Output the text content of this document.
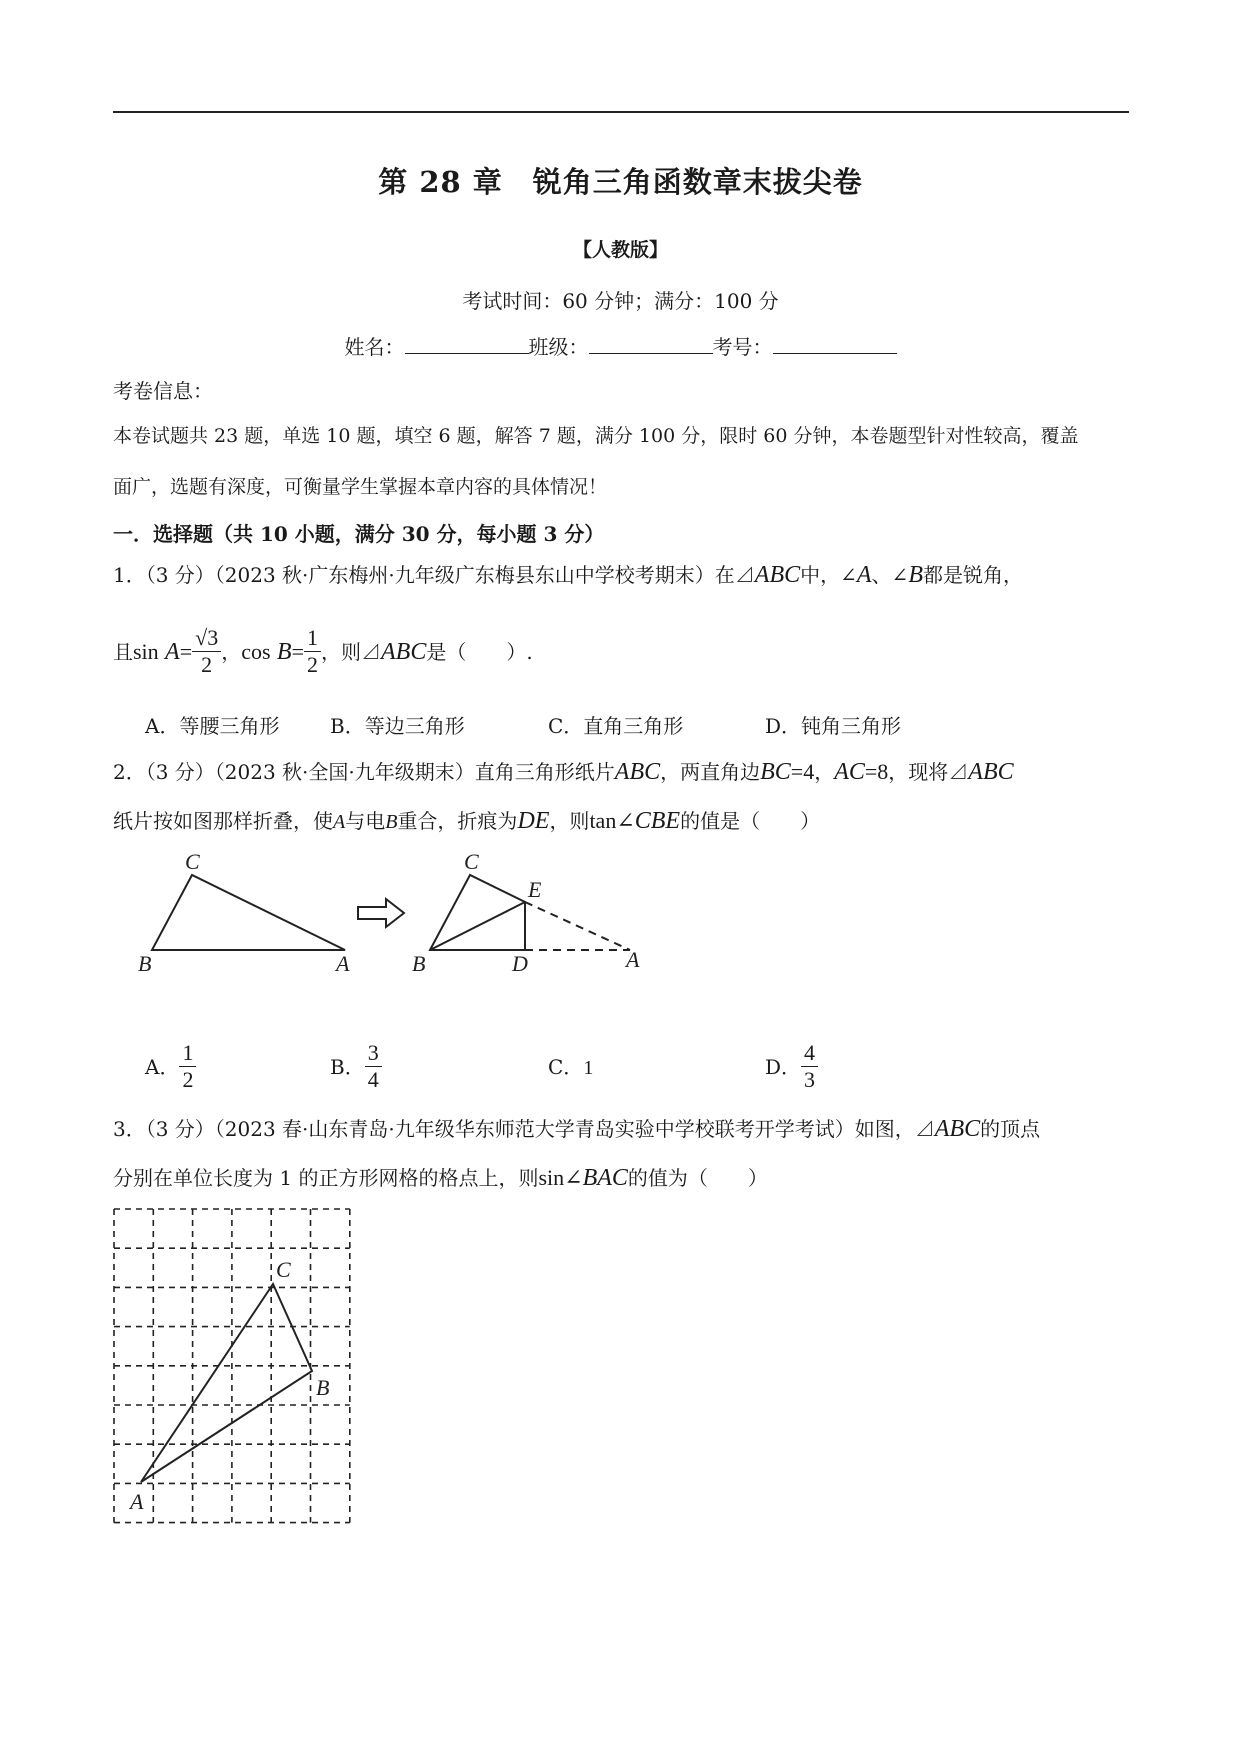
第 28 章　锐角三角函数章末拔尖卷
【人教版】
考试时间：60 分钟；满分：100 分
姓名：	班级：	考号：
考卷信息：
本卷试题共 23 题，单选 10 题，填空 6 题，解答 7 题，满分 100 分，限时 60 分钟，本卷题型针对性较高，覆盖
面广，选题有深度，可衡量学生掌握本章内容的具体情况！
一．选择题（共 10 小题，满分 30 分，每小题 3 分）
1．（3 分）（2023 秋·广东梅州·九年级广东梅县东山中学校考期末）在⊿ABC中，∠A、∠B都是锐角，
且 sin
$A = \frac{√3}{2}$ ， cos
$B = \frac{1}{2}$ ，则⊿ ABC 是（　　）.
A．等腰三角形	B．等边三角形	C．直角三角形	D．钝角三角形
2．（3 分）（2023 秋·全国·九年级期末）直角三角形纸片ABC，两直角边BC=4，AC=8，现将⊿ABC
纸片按如图那样折叠，使A与电B重合，折痕为DE，则tan∠CBE的值是（　　）
C
B	A
C
E
B	D	A
A． $\frac{1}{2}$	B． $\frac{3}{4}$	C．1	D． $\frac{4}{3}$
3．（3 分）（2023 春·山东青岛·九年级华东师范大学青岛实验中学校联考开学考试）如图，⊿ABC的顶点
分别在单位长度为 1 的正方形网格的格点上，则sin∠BAC的值为（　　）
C
B
A
